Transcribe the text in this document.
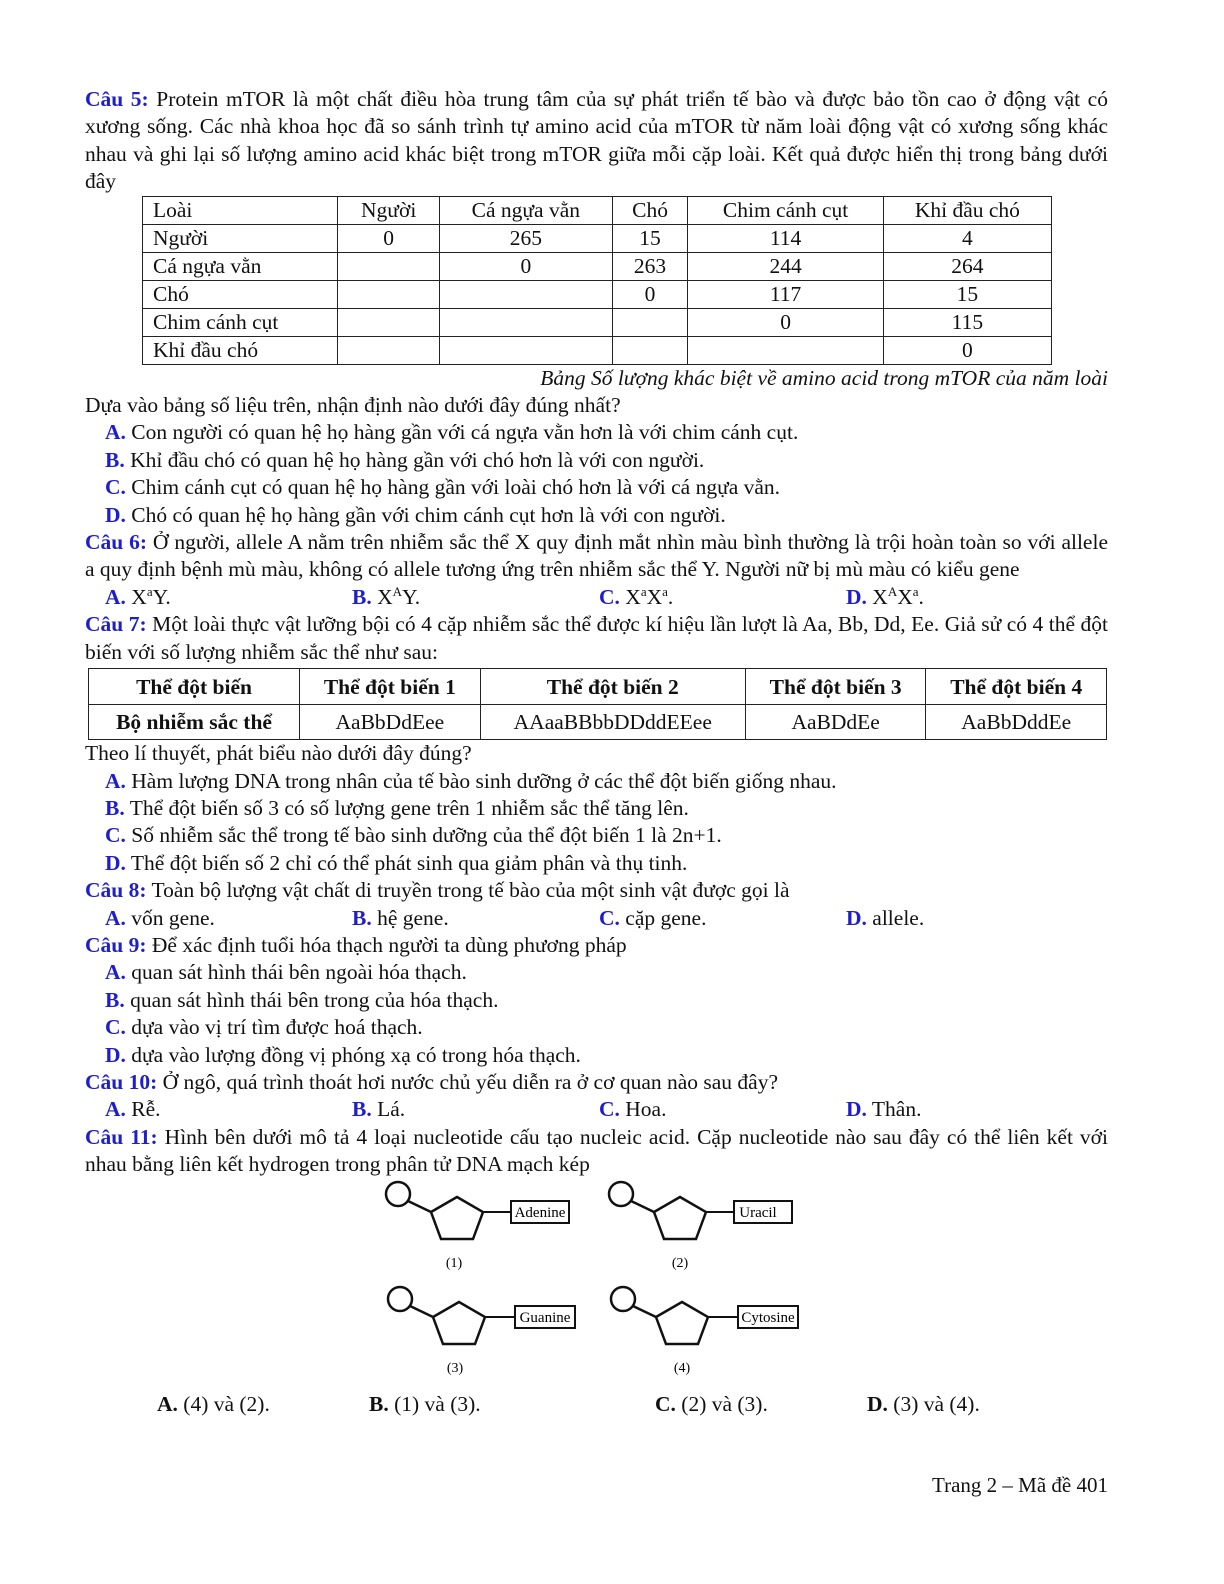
Câu 5: Protein mTOR là một chất điều hòa trung tâm của sự phát triển tế bào và được bảo tồn cao ở động vật có xương sống. Các nhà khoa học đã so sánh trình tự amino acid của mTOR từ năm loài động vật có xương sống khác nhau và ghi lại số lượng amino acid khác biệt trong mTOR giữa mỗi cặp loài. Kết quả được hiển thị trong bảng dưới đây

Loài	Người	Cá ngựa vằn	Chó	Chim cánh cụt	Khỉ đầu chó
Người	0	265	15	114	4
Cá ngựa vằn		0	263	244	264
Chó			0	117	15
Chim cánh cụt				0	115
Khỉ đầu chó					0

Bảng Số lượng khác biệt về amino acid trong mTOR của năm loài

Dựa vào bảng số liệu trên, nhận định nào dưới đây đúng nhất?

A. Con người có quan hệ họ hàng gần với cá ngựa vằn hơn là với chim cánh cụt.

B. Khỉ đầu chó có quan hệ họ hàng gần với chó hơn là với con người.

C. Chim cánh cụt có quan hệ họ hàng gần với loài chó hơn là với cá ngựa vằn.

D. Chó có quan hệ họ hàng gần với chim cánh cụt hơn là với con người.

Câu 6: Ở người, allele A nằm trên nhiễm sắc thể X quy định mắt nhìn màu bình thường là trội hoàn toàn so với allele a quy định bệnh mù màu, không có allele tương ứng trên nhiễm sắc thể Y. Người nữ bị mù màu có kiểu gene

A. $X^aY$.	B. $X^AY$.	C. $X^aX^a$.	D. $X^AX^a$.

Câu 7: Một loài thực vật lưỡng bội có 4 cặp nhiễm sắc thể được kí hiệu lần lượt là Aa, Bb, Dd, Ee. Giả sử có 4 thể đột biến với số lượng nhiễm sắc thể như sau:

Thể đột biến	Thể đột biến 1	Thể đột biến 2	Thể đột biến 3	Thể đột biến 4
Bộ nhiễm sắc thể	AaBbDdEee	AAaaBBbbDDddEEee	AaBDdEe	AaBbDddEe

Theo lí thuyết, phát biểu nào dưới đây đúng?

A. Hàm lượng DNA trong nhân của tế bào sinh dưỡng ở các thể đột biến giống nhau.

B. Thể đột biến số 3 có số lượng gene trên 1 nhiễm sắc thể tăng lên.

C. Số nhiễm sắc thể trong tế bào sinh dưỡng của thể đột biến 1 là 2n+1.

D. Thể đột biến số 2 chỉ có thể phát sinh qua giảm phân và thụ tinh.

Câu 8: Toàn bộ lượng vật chất di truyền trong tế bào của một sinh vật được gọi là

A. vốn gene.	B. hệ gene.	C. cặp gene.	D. allele.

Câu 9: Để xác định tuổi hóa thạch người ta dùng phương pháp

A. quan sát hình thái bên ngoài hóa thạch.

B. quan sát hình thái bên trong của hóa thạch.

C. dựa vào vị trí tìm được hoá thạch.

D. dựa vào lượng đồng vị phóng xạ có trong hóa thạch.

Câu 10: Ở ngô, quá trình thoát hơi nước chủ yếu diễn ra ở cơ quan nào sau đây?

A. Rễ.	B. Lá.	C. Hoa.	D. Thân.

Câu 11: Hình bên dưới mô tả 4 loại nucleotide cấu tạo nucleic acid. Cặp nucleotide nào sau đây có thể liên kết với nhau bằng liên kết hydrogen trong phân tử DNA mạch kép

Adenine
(1)
Uracil
(2)
Guanine
(3)
Cytosine
(4)
A. (4) và (2).	B. (1) và (3).	C. (2) và (3).	D. (3) và (4).
Trang 2 – Mã đề 401
